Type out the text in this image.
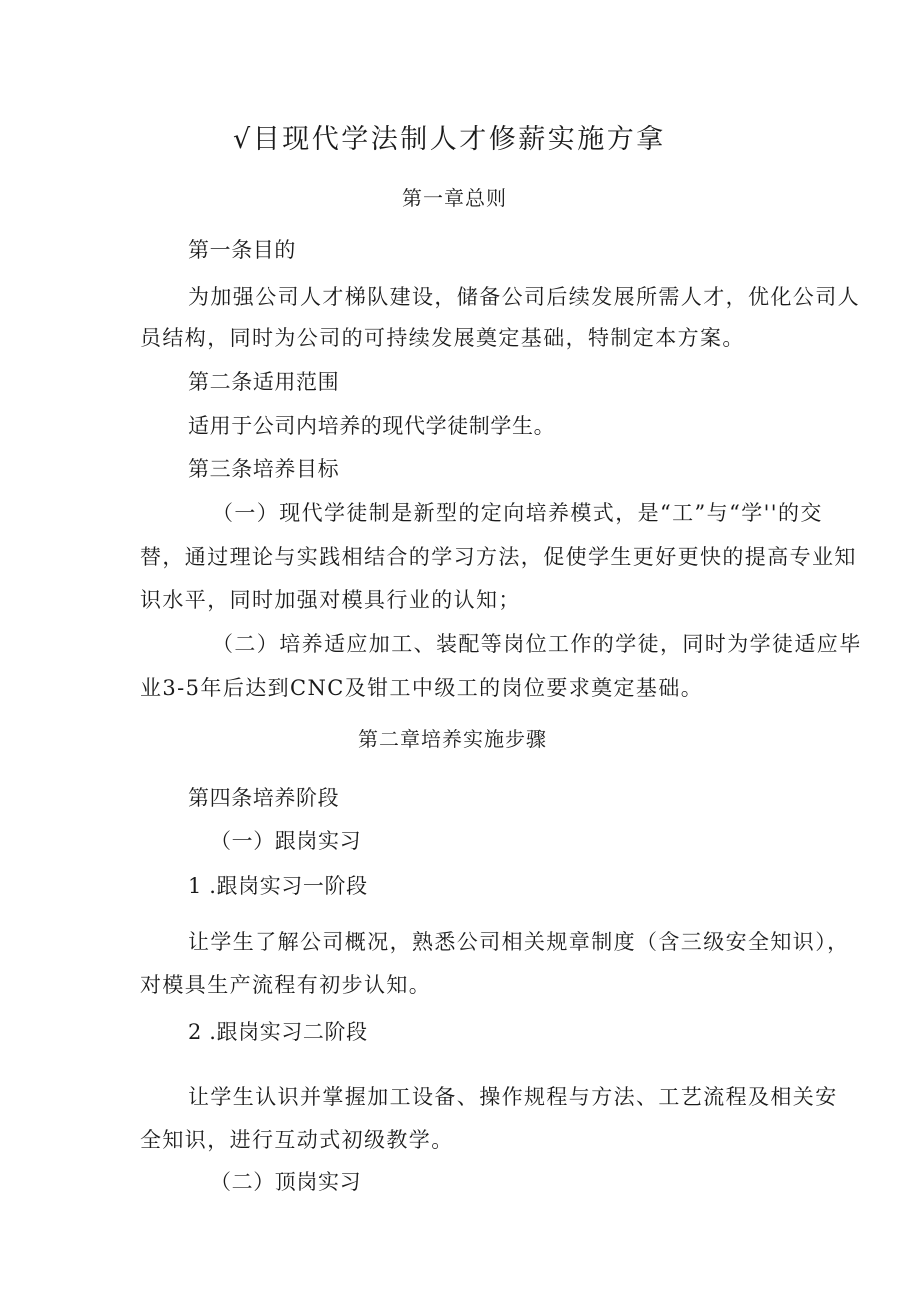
√目现代学法制人才修薪实施方拿
第一章总则
第一条目的
为加强公司人才梯队建设，储备公司后续发展所需人才，优化公司人
员结构，同时为公司的可持续发展奠定基础，特制定本方案。
第二条适用范围
适用于公司内培养的现代学徒制学生。
第三条培养目标
（一）现代学徒制是新型的定向培养模式，是“工”与“学''的交
替，通过理论与实践相结合的学习方法，促使学生更好更快的提高专业知
识水平，同时加强对模具行业的认知；
（二）培养适应加工、装配等岗位工作的学徒，同时为学徒适应毕
业3-5年后达到CNC及钳工中级工的岗位要求奠定基础。
第二章培养实施步骤
第四条培养阶段
（一）跟岗实习
1 .跟岗实习一阶段
让学生了解公司概况，熟悉公司相关规章制度（含三级安全知识），
对模具生产流程有初步认知。
2 .跟岗实习二阶段
让学生认识并掌握加工设备、操作规程与方法、工艺流程及相关安
全知识，进行互动式初级教学。
（二）顶岗实习
